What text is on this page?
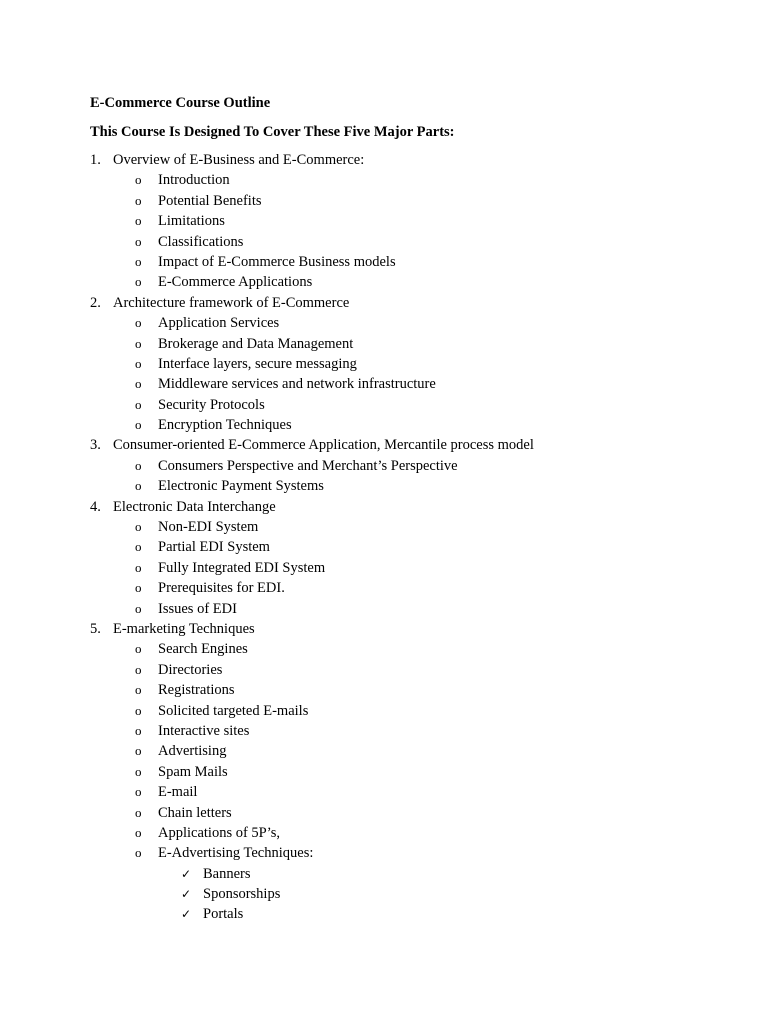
E-Commerce Course Outline
This Course Is Designed To Cover These Five Major Parts:
1. Overview of E-Business and E-Commerce:
o Introduction
o Potential Benefits
o Limitations
o Classifications
o Impact of E-Commerce Business models
o E-Commerce Applications
2. Architecture framework of E-Commerce
o Application Services
o Brokerage and Data Management
o Interface layers, secure messaging
o Middleware services and network infrastructure
o Security Protocols
o Encryption Techniques
3. Consumer-oriented E-Commerce Application, Mercantile process model
o Consumers Perspective and Merchant’s Perspective
o Electronic Payment Systems
4. Electronic Data Interchange
o Non-EDI System
o Partial EDI System
o Fully Integrated EDI System
o Prerequisites for EDI.
o Issues of EDI
5. E-marketing Techniques
o Search Engines
o Directories
o Registrations
o Solicited targeted E-mails
o Interactive sites
o Advertising
o Spam Mails
o E-mail
o Chain letters
o Applications of 5P’s,
o E-Advertising Techniques:
✓ Banners
✓ Sponsorships
✓ Portals
